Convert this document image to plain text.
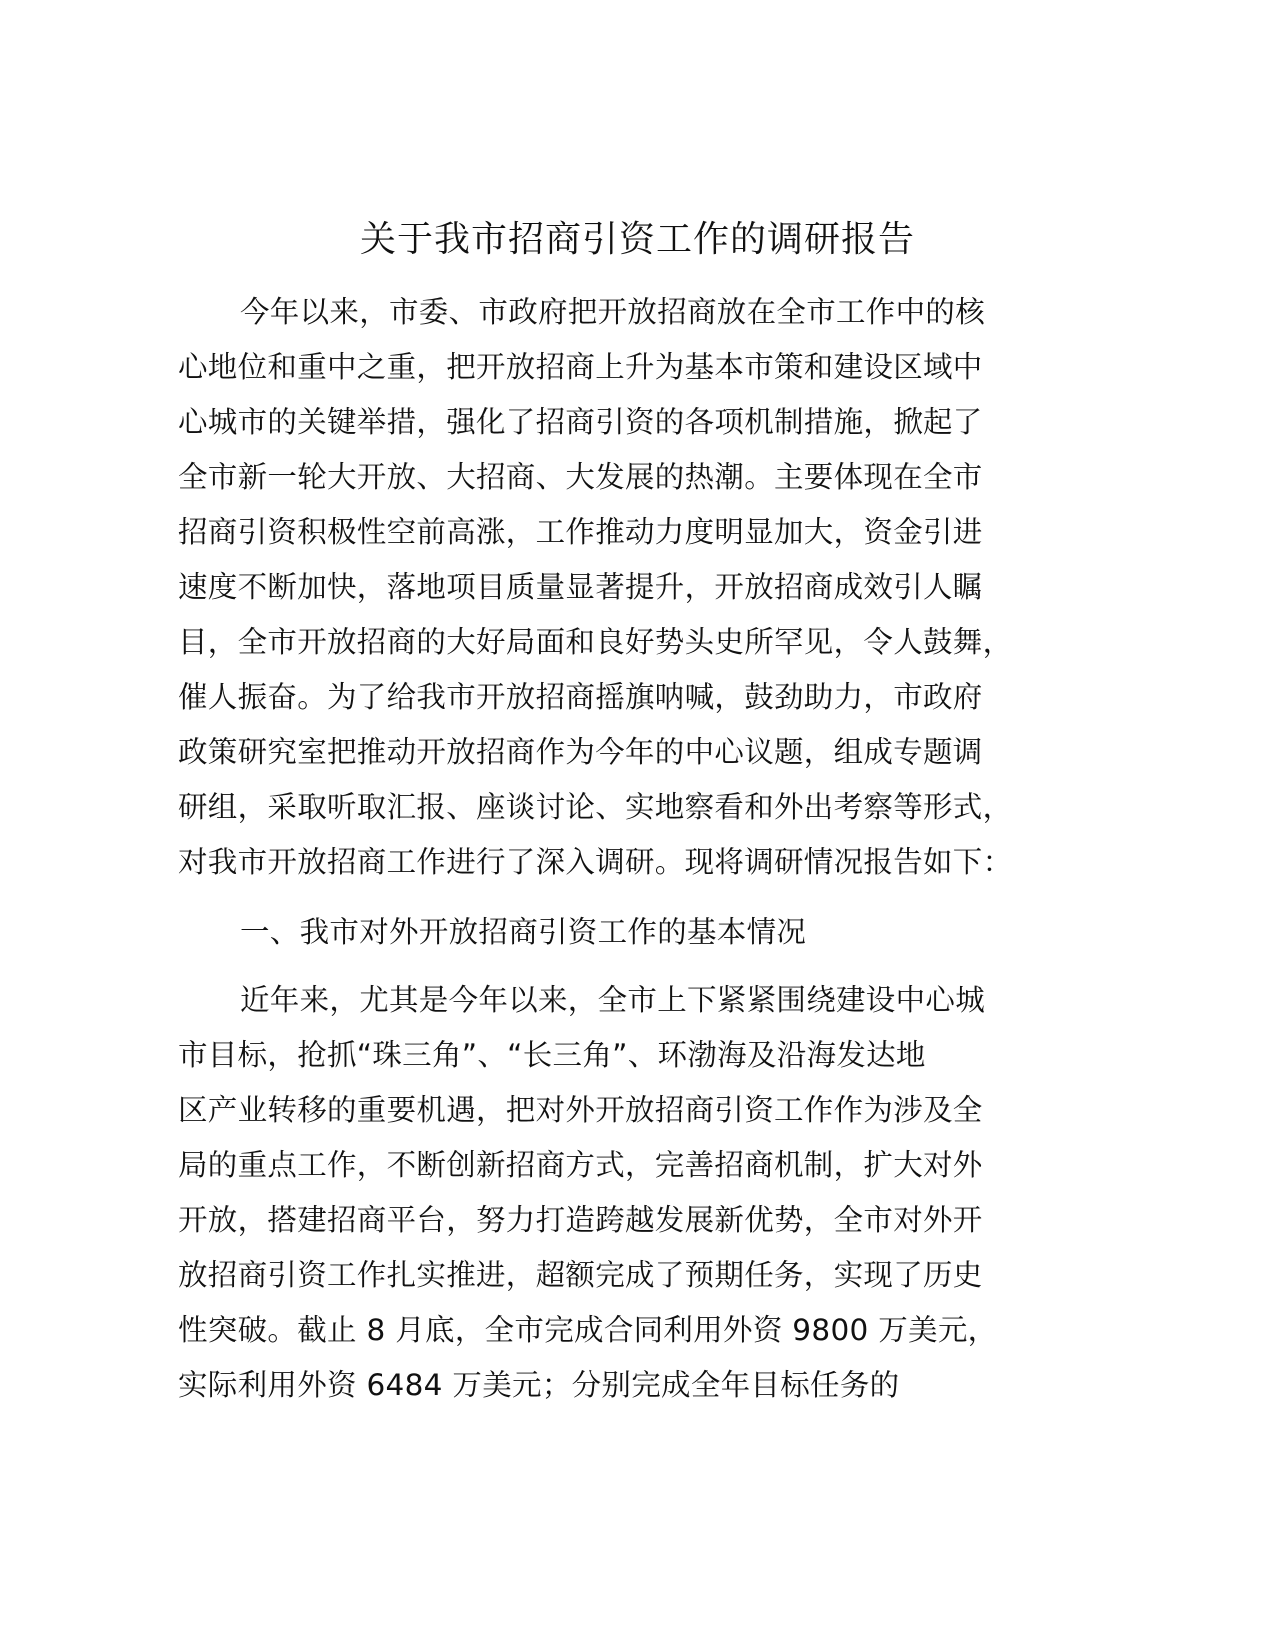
关于我市招商引资工作的调研报告
今年以来，市委、市政府把开放招商放在全市工作中的核
心地位和重中之重，把开放招商上升为基本市策和建设区域中
心城市的关键举措，强化了招商引资的各项机制措施，掀起了
全市新一轮大开放、大招商、大发展的热潮。主要体现在全市
招商引资积极性空前高涨，工作推动力度明显加大，资金引进
速度不断加快，落地项目质量显著提升，开放招商成效引人瞩
目，全市开放招商的大好局面和良好势头史所罕见，令人鼓舞，
催人振奋。为了给我市开放招商摇旗呐喊，鼓劲助力，市政府
政策研究室把推动开放招商作为今年的中心议题，组成专题调
研组，采取听取汇报、座谈讨论、实地察看和外出考察等形式，
对我市开放招商工作进行了深入调研。现将调研情况报告如下：
一、我市对外开放招商引资工作的基本情况
近年来，尤其是今年以来，全市上下紧紧围绕建设中心城
市目标，抢抓“珠三角”、“长三角”、环渤海及沿海发达地
区产业转移的重要机遇，把对外开放招商引资工作作为涉及全
局的重点工作，不断创新招商方式，完善招商机制，扩大对外
开放，搭建招商平台，努力打造跨越发展新优势，全市对外开
放招商引资工作扎实推进，超额完成了预期任务，实现了历史
性突破。截止 8 月底，全市完成合同利用外资 9800 万美元，
实际利用外资 6484 万美元；分别完成全年目标任务的
